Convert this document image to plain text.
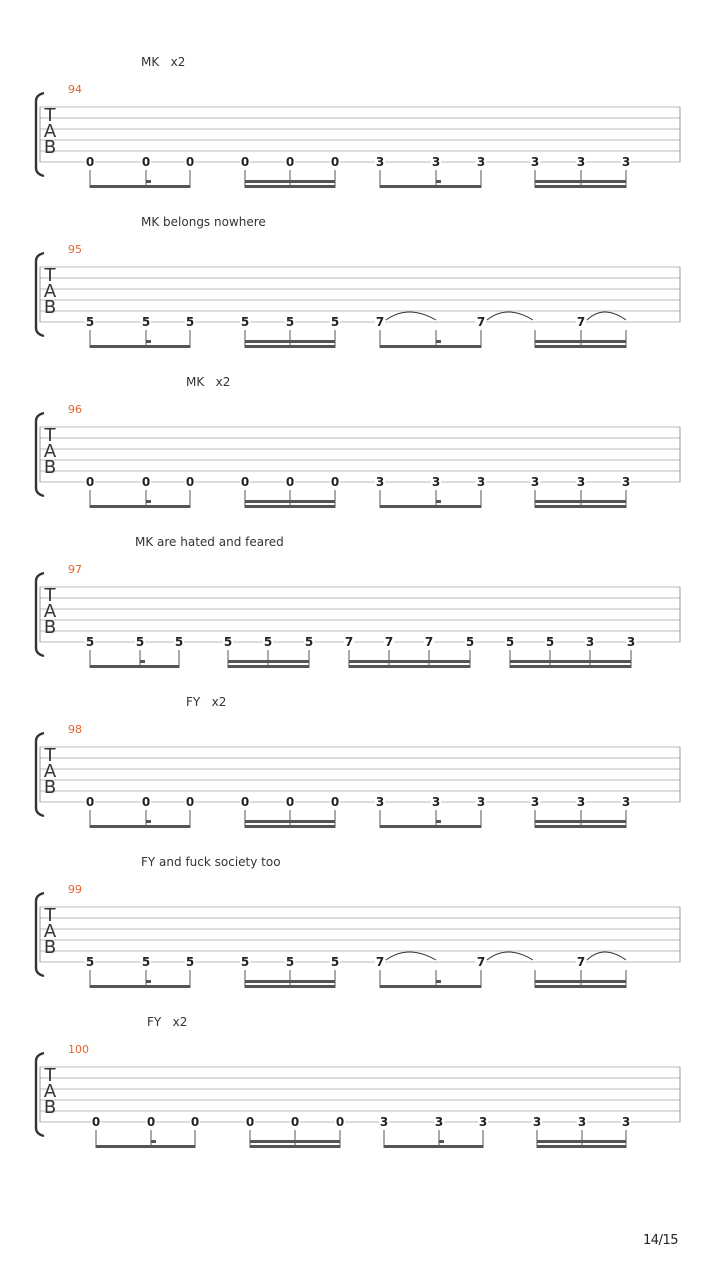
T
A
B
0	0	0	0	0	0	3	3	3	3	3	3
MK   x2
94
T
A
B
5	5	5	5	5	5	7	7	7
MK belongs nowhere
95
T
A
B
0	0	0	0	0	0	3	3	3	3	3	3
MK   x2
96
T
A
B
5	5	5	5	5	5	7	7	7	5	5	5	3	3
MK are hated and feared
97
T
A
B
0	0	0	0	0	0	3	3	3	3	3	3
FY   x2
98
T
A
B
5	5	5	5	5	5	7	7	7
FY and fuck society too
99
T
A
B
0	0	0	0	0	0	3	3	3	3	3	3
FY   x2
100
14/15
